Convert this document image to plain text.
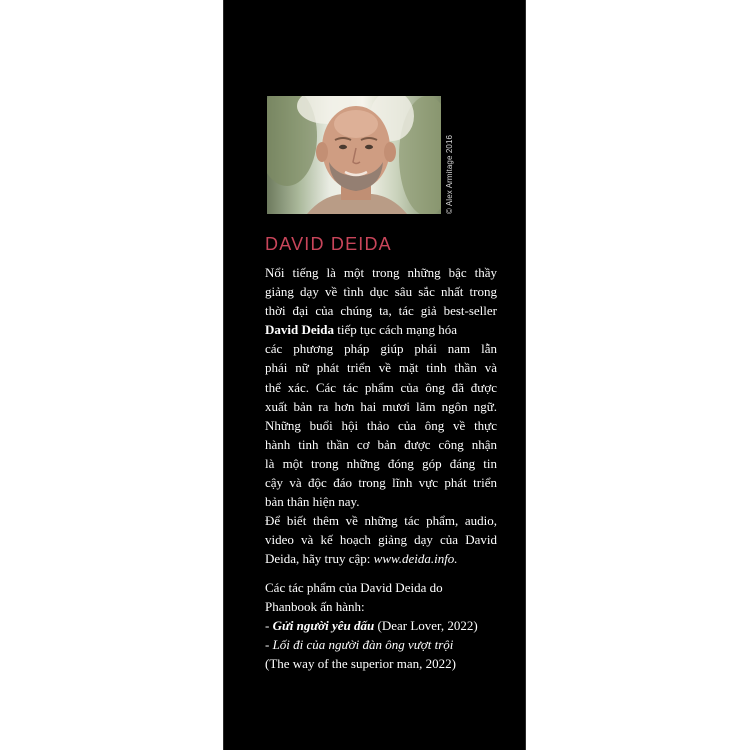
© Alex Armitage 2016
DAVID DEIDA
Nổi tiếng là một trong những bậc thầy
giảng dạy về tình dục sâu sắc nhất trong
thời đại của chúng ta, tác giả best-seller
David Deida tiếp tục cách mạng hóa
các phương pháp giúp phái nam lẫn
phái nữ phát triển về mặt tinh thần và
thể xác. Các tác phẩm của ông đã được
xuất bản ra hơn hai mươi lăm ngôn ngữ.
Những buổi hội thảo của ông về thực
hành tinh thần cơ bản được công nhận
là một trong những đóng góp đáng tin
cậy và độc đáo trong lĩnh vực phát triển
bản thân hiện nay.
Để biết thêm về những tác phẩm, audio,
video và kế hoạch giảng dạy của David
Deida, hãy truy cập: www.deida.info.
Các tác phẩm của David Deida do
Phanbook ấn hành:
- Gửi người yêu dấu (Dear Lover, 2022)
- Lối đi của người đàn ông vượt trội
(The way of the superior man, 2022)
